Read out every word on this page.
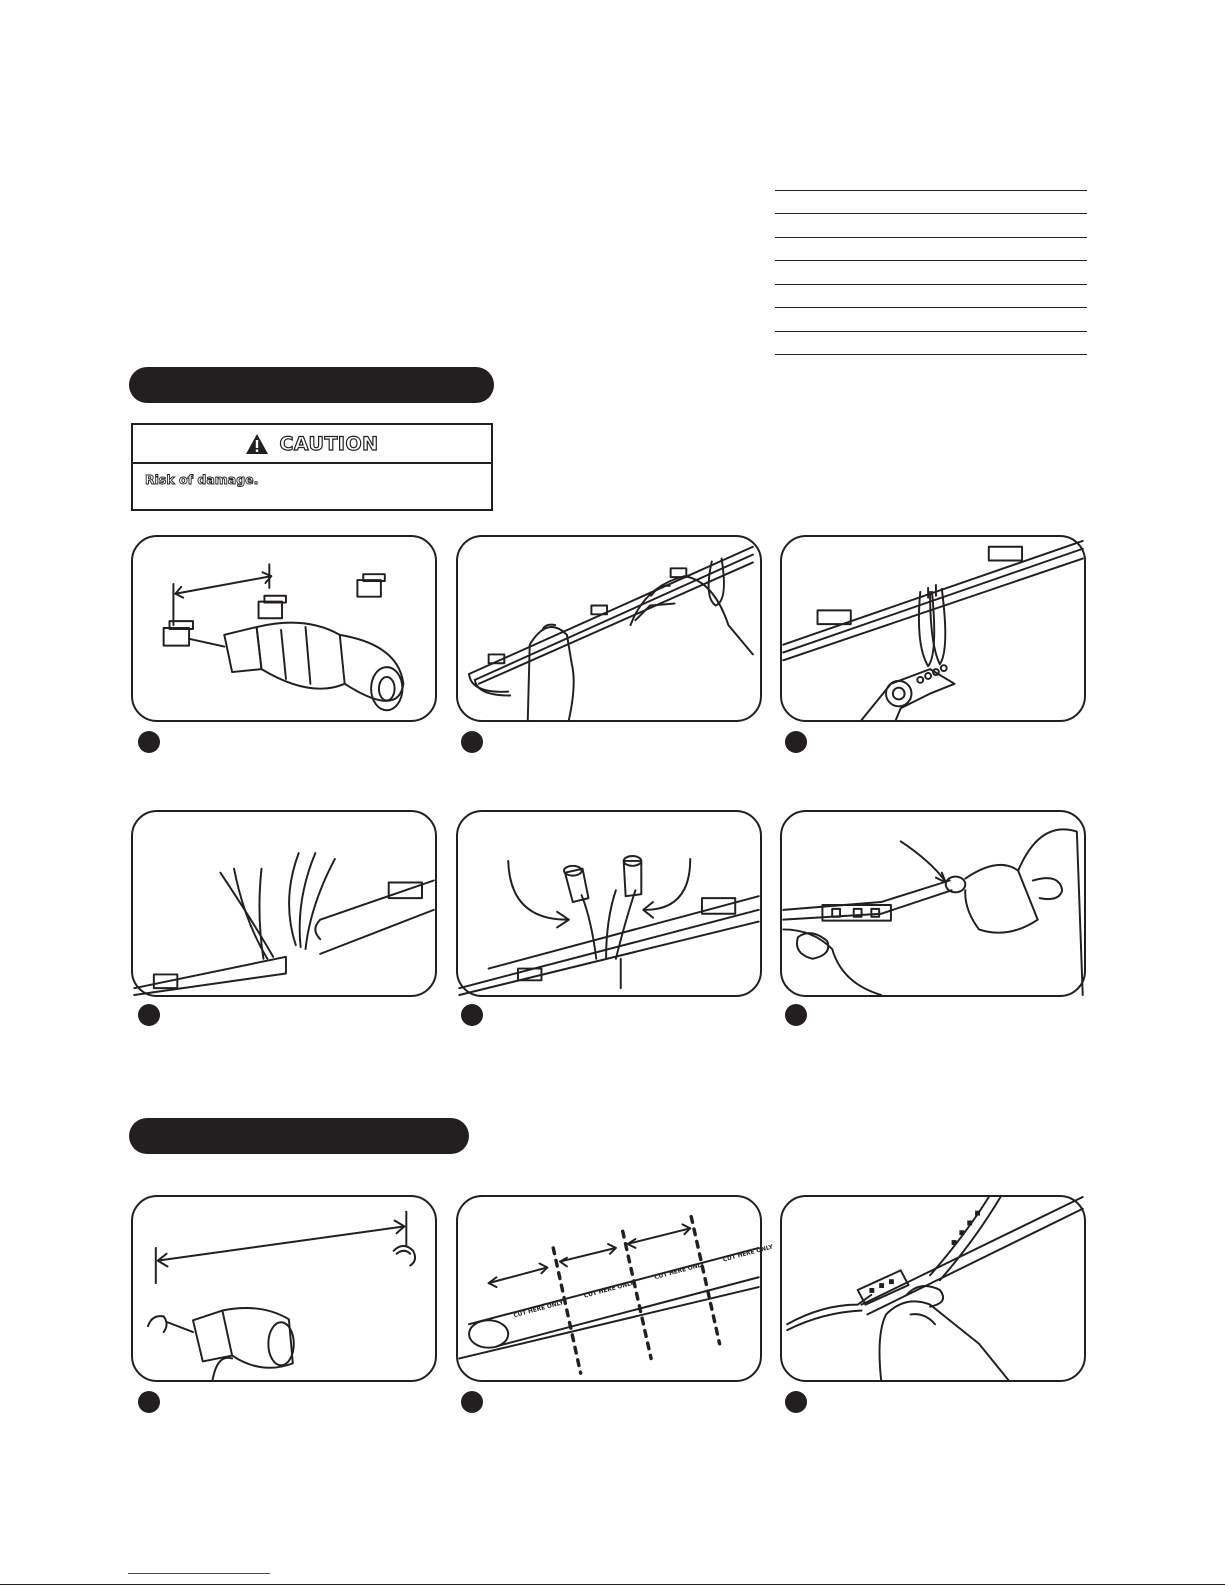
CAUTION
Risk of damage.
CUT HERE ONLY
CUT HERE ONLY
CUT HERE ONLY
CUT HERE ONLY
